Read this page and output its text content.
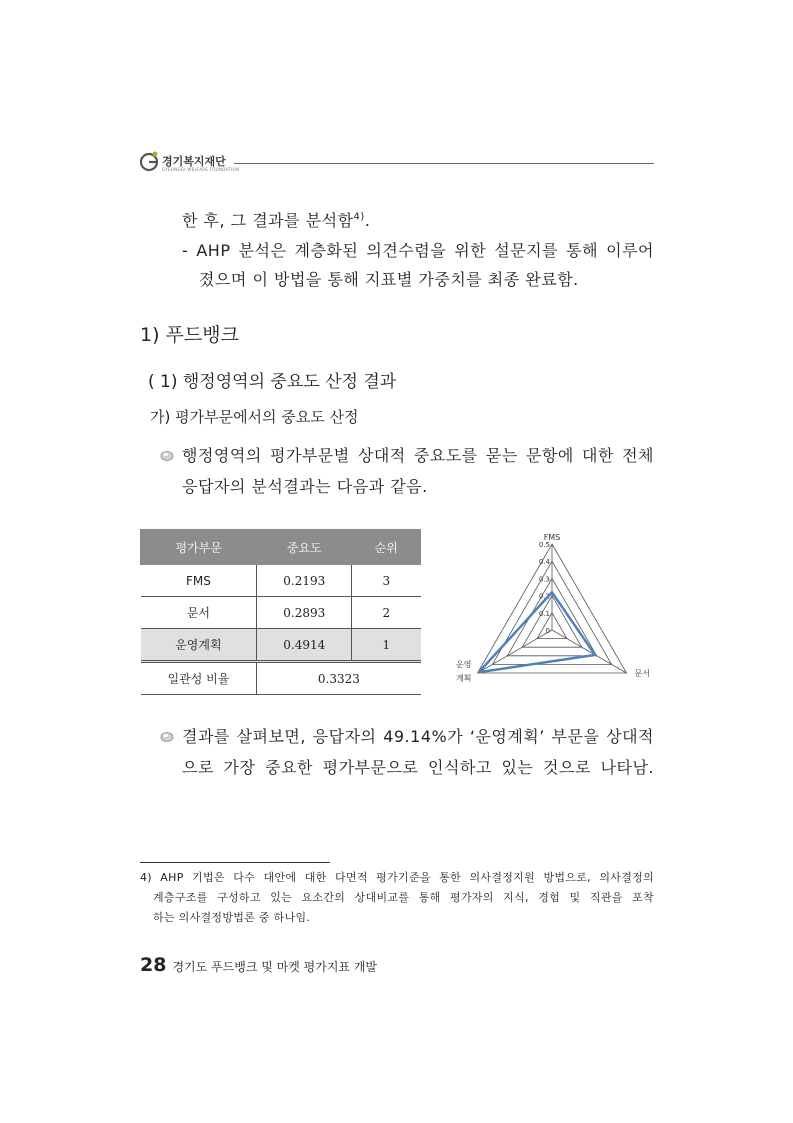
경기복지재단
GYEONGGI WELFARE FOUNDATION
한 후, 그 결과를 분석함$^{4)}$.
- AHP 분석은 계층화된 의견수렴을 위한 설문지를 통해 이루어
졌으며 이 방법을 통해 지표별 가중치를 최종 완료함.
1) 푸드뱅크
( 1) 행정영역의 중요도 산정 결과
가) 평가부문에서의 중요도 산정
행정영역의 평가부문별 상대적 중요도를 묻는 문항에 대한 전체
응답자의 분석결과는 다음과 같음.
평가부문	중요도	순위
FMS	0.2193	3
문서	0.2893	2
운영계획	0.4914	1
일관성 비율	0.3323	
0
0.1
0.2
0.3
0.4
0.5
FMS
문서
운영 계획
결과를 살펴보면, 응답자의 49.14%가 ‘운영계획’ 부문을 상대적
으로 가장 중요한 평가부문으로 인식하고 있는 것으로 나타남.
4) AHP 기법은 다수 대안에 대한 다면적 평가기준을 통한 의사결정지원 방법으로, 의사결정의
계층구조를 구성하고 있는 요소간의 상대비교를 통해 평가자의 지식, 경험 및 직관을 포착
하는 의사결정방법론 중 하나임.
28 경기도 푸드뱅크 및 마켓 평가지표 개발
